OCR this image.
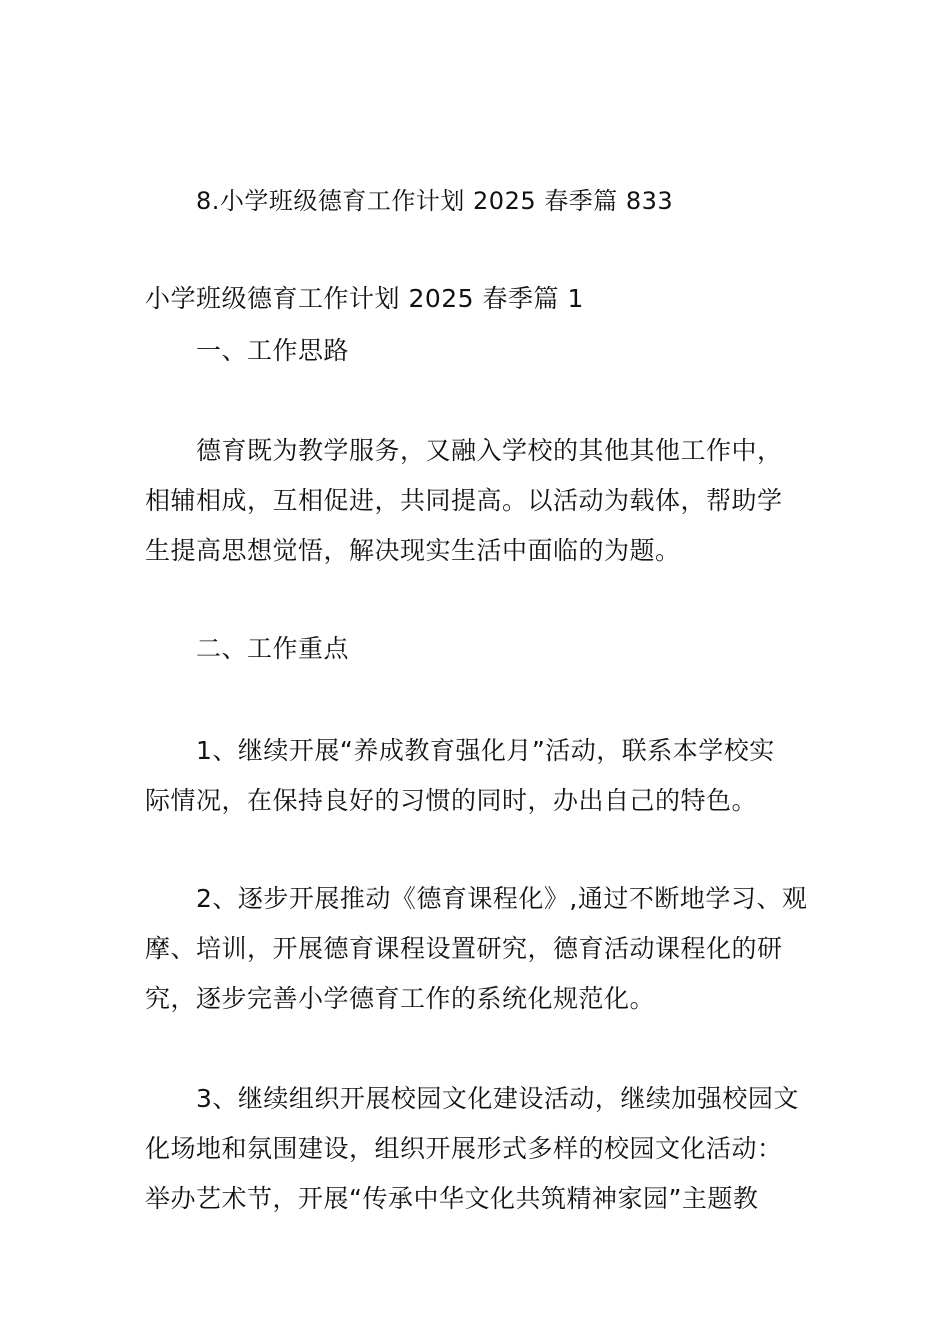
8.小学班级德育工作计划 2025 春季篇 833
小学班级德育工作计划 2025 春季篇 1
一、工作思路
德育既为教学服务，又融入学校的其他其他工作中，
相辅相成，互相促进，共同提高。以活动为载体，帮助学
生提高思想觉悟，解决现实生活中面临的为题。
二、工作重点
1、继续开展“养成教育强化月”活动，联系本学校实
际情况，在保持良好的习惯的同时，办出自己的特色。
2、逐步开展推动《德育课程化》,通过不断地学习、观
摩、培训，开展德育课程设置研究，德育活动课程化的研
究，逐步完善小学德育工作的系统化规范化。
3、继续组织开展校园文化建设活动，继续加强校园文
化场地和氛围建设，组织开展形式多样的校园文化活动：
举办艺术节，开展“传承中华文化共筑精神家园”主题教
